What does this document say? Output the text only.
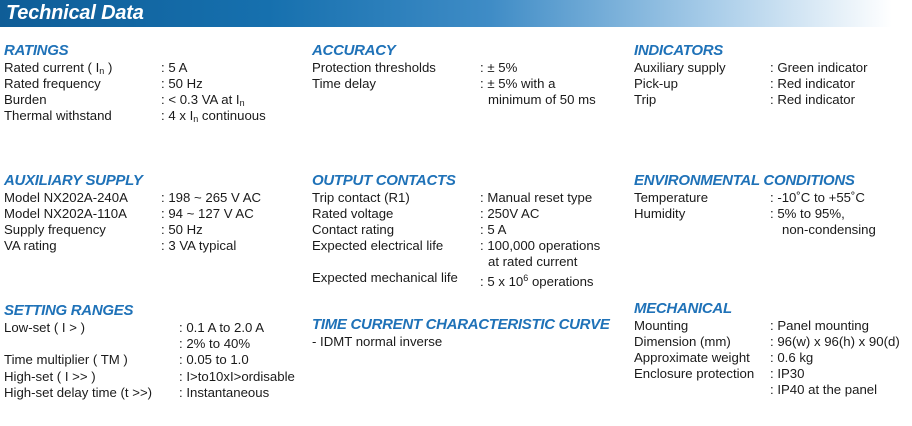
Technical Data
RATINGS
Rated current ( $I_n$ )	: 5 A
Rated frequency	: 50 Hz
Burden	: < 0.3 VA at $I_n$
Thermal withstand	: 4 x $I_n$ continuous
ACCURACY
Protection thresholds	: ± 5%
Time delay	: ± 5% with a
minimum of 50 ms
INDICATORS
Auxiliary supply	: Green indicator
Pick-up	: Red indicator
Trip	: Red indicator
AUXILIARY SUPPLY
Model NX202A-240A	: 198 ~ 265 V AC
Model NX202A-110A	: 94 ~ 127 V AC
Supply frequency	: 50 Hz
VA rating	: 3 VA typical
OUTPUT CONTACTS
Trip contact (R1)	: Manual reset type
Rated voltage	: 250V AC
Contact rating	: 5 A
Expected electrical life	: 100,000 operations
at rated current
Expected mechanical life : 5 x $10^6$ operations
ENVIRONMENTAL CONDITIONS
Temperature	: -10˚C to +55˚C
Humidity	: 5% to 95%,
non-condensing
SETTING RANGES
Low-set ( I > )	: 0.1 A to 2.0 A
: 2% to 40%
Time multiplier ( TM )	: 0.05 to 1.0
High-set ( I >> )	: I>to10xI>ordisable
High-set delay time (t >>) : Instantaneous
TIME CURRENT CHARACTERISTIC CURVE
- IDMT normal inverse
MECHANICAL
Mounting	: Panel mounting
Dimension (mm)	: 96(w) x 96(h) x 90(d)
Approximate weight : 0.6 kg
Enclosure protection : IP30
: IP40 at the panel
